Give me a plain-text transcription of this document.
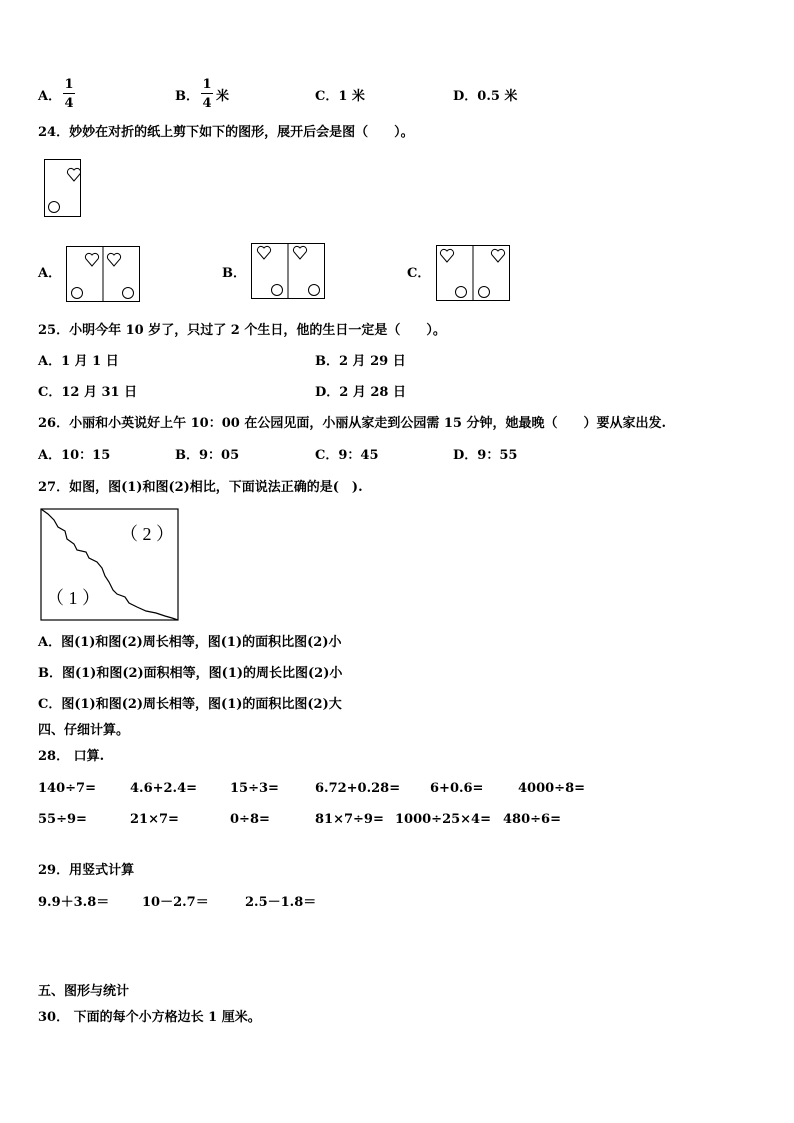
A．
1
4	B．
1
4 米	C．1 米	D．0.5 米
24．妙妙在对折的纸上剪下如下的图形，展开后会是图（　　）。
A．	B．	C．
25．小明今年 10 岁了，只过了 2 个生日，他的生日一定是（　　）。
A．1 月 1 日	B．2 月 29 日
C．12 月 31 日	D．2 月 28 日
26．小丽和小英说好上午 10：00 在公园见面，小丽从家走到公园需 15 分钟，她最晚（　　）要从家出发.
A．10：15	B．9：05	C．9：45	D．9：55
27．如图，图(1)和图(2)相比，下面说法正确的是(　).
（ 2 ）
（ 1 ）
A．图(1)和图(2)周长相等，图(1)的面积比图(2)小
B．图(1)和图(2)面积相等，图(1)的周长比图(2)小
C．图(1)和图(2)周长相等，图(1)的面积比图(2)大
四、仔细计算。
28． 口算.
140÷7=	4.6+2.4=	15÷3=	6.72+0.28= 6+0.6=	4000÷8=
55÷9=	21×7=	0÷8=	81×7÷9= 1000÷25×4= 480÷6=
29．用竖式计算
9.9＋3.8＝	10－2.7＝	2.5－1.8＝
五、图形与统计
30． 下面的每个小方格边长 1 厘米。
